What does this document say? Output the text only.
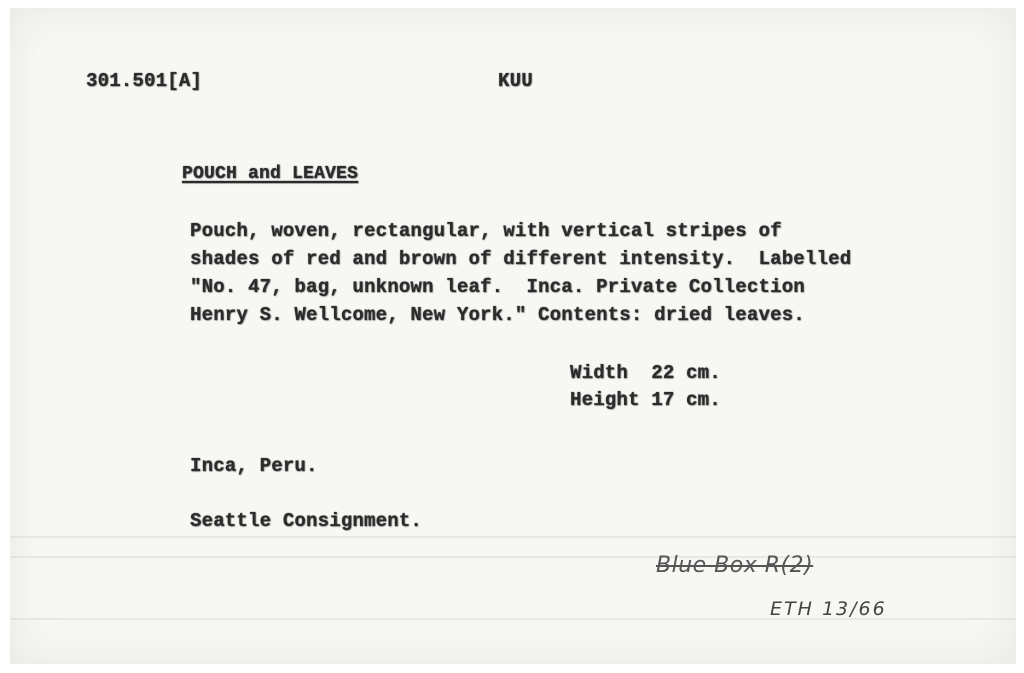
301.501[A]	KUU
POUCH and LEAVES
Pouch, woven, rectangular, with vertical stripes of
shades of red and brown of different intensity.  Labelled
"No. 47, bag, unknown leaf.  Inca. Private Collection
Henry S. Wellcome, New York." Contents: dried leaves.
Width  22 cm.
Height 17 cm.
Inca, Peru.
Seattle Consignment.
Blue Box R(2)
ETH 13/66
